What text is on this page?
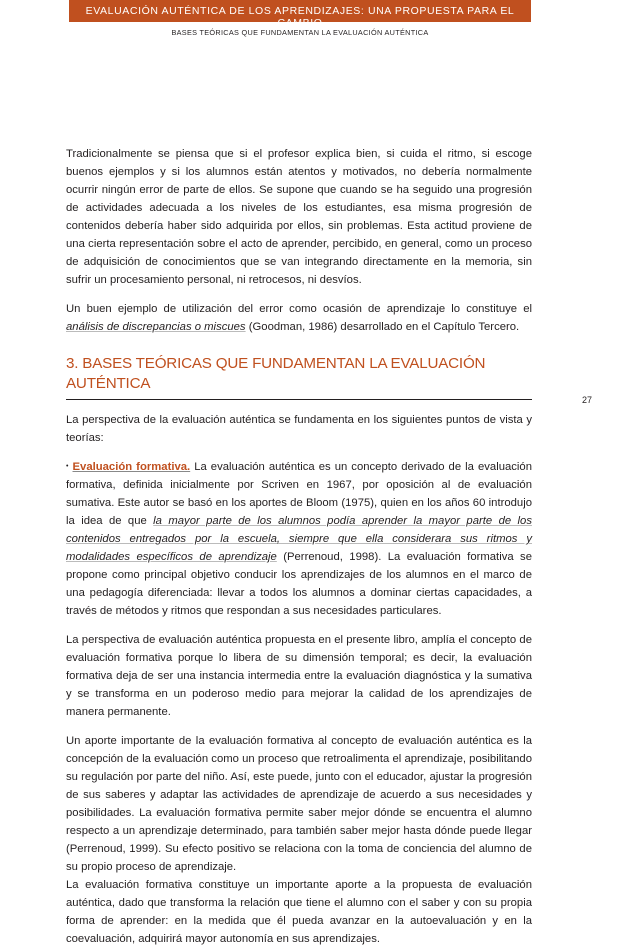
EVALUACIÓN AUTÉNTICA DE LOS APRENDIZAJES: UNA PROPUESTA PARA EL CAMBIO
BASES TEÓRICAS QUE FUNDAMENTAN LA EVALUACIÓN AUTÉNTICA
27

Tradicionalmente se piensa que si el profesor explica bien, si cuida el ritmo, si escoge buenos ejemplos y si los alumnos están atentos y motivados, no debería normalmente ocurrir ningún error de parte de ellos. Se supone que cuando se ha seguido una progresión de actividades adecuada a los niveles de los estudiantes, esa misma progresión de contenidos debería haber sido adquirida por ellos, sin problemas. Esta actitud proviene de una cierta representación sobre el acto de aprender, percibido, en general, como un proceso de adquisición de conocimientos que se van integrando directamente en la memoria, sin sufrir un procesamiento personal, ni retrocesos, ni desvíos.

Un buen ejemplo de utilización del error como ocasión de aprendizaje lo constituye el análisis de discrepancias o miscues (Goodman, 1986) desarrollado en el Capítulo Tercero.

3. BASES TEÓRICAS QUE FUNDAMENTAN LA EVALUACIÓN AUTÉNTICA

La perspectiva de la evaluación auténtica se fundamenta en los siguientes puntos de vista y teorías:

• Evaluación formativa. La evaluación auténtica es un concepto derivado de la evaluación formativa, definida inicialmente por Scriven en 1967, por oposición al de evaluación sumativa. Este autor se basó en los aportes de Bloom (1975), quien en los años 60 introdujo la idea de que la mayor parte de los alumnos podía aprender la mayor parte de los contenidos entregados por la escuela, siempre que ella considerara sus ritmos y modalidades específicos de aprendizaje (Perrenoud, 1998). La evaluación formativa se propone como principal objetivo conducir los aprendizajes de los alumnos en el marco de una pedagogía diferenciada: llevar a todos los alumnos a dominar ciertas capacidades, a través de métodos y ritmos que respondan a sus necesidades particulares.

La perspectiva de evaluación auténtica propuesta en el presente libro, amplía el concepto de evaluación formativa porque lo libera de su dimensión temporal; es decir, la evaluación formativa deja de ser una instancia intermedia entre la evaluación diagnóstica y la sumativa y se transforma en un poderoso medio para mejorar la calidad de los aprendizajes de manera permanente.

Un aporte importante de la evaluación formativa al concepto de evaluación auténtica es la concepción de la evaluación como un proceso que retroalimenta el aprendizaje, posibilitando su regulación por parte del niño. Así, este puede, junto con el educador, ajustar la progresión de sus saberes y adaptar las actividades de aprendizaje de acuerdo a sus necesidades y posibilidades. La evaluación formativa permite saber mejor dónde se encuentra el alumno respecto a un aprendizaje determinado, para también saber mejor hasta dónde puede llegar (Perrenoud, 1999). Su efecto positivo se relaciona con la toma de conciencia del alumno de su propio proceso de aprendizaje.

La evaluación formativa constituye un importante aporte a la propuesta de evaluación auténtica, dado que transforma la relación que tiene el alumno con el saber y con su propia forma de aprender: en la medida que él pueda avanzar en la autoevaluación y en la coevaluación, adquirirá mayor autonomía en sus aprendizajes.
